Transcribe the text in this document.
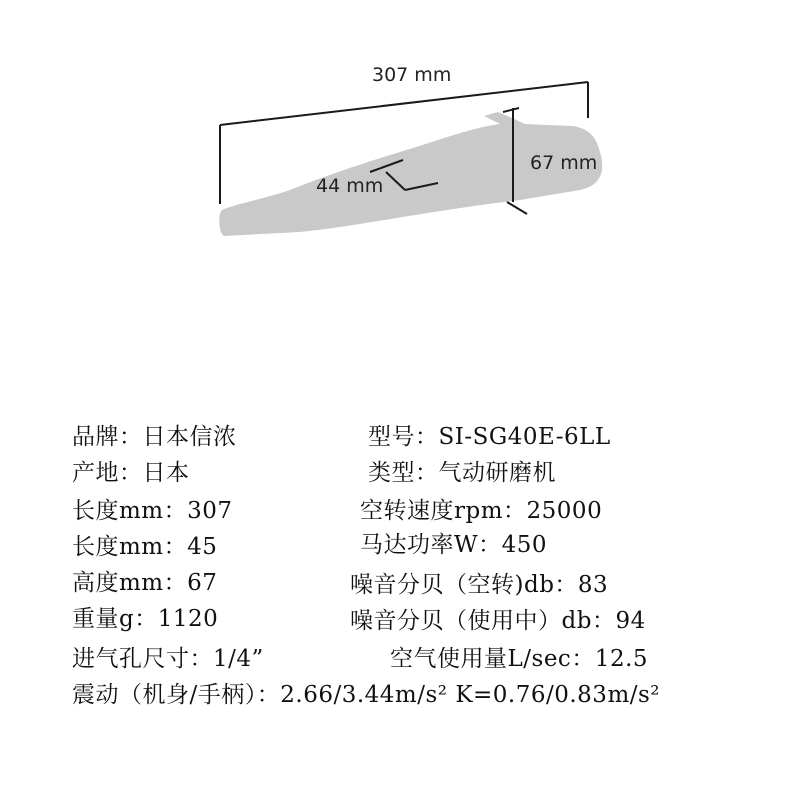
307 mm
44 mm
67 mm
品牌：日本信浓	型号：SI-SG40E-6LL
产地：日本	类型：气动研磨机
长度mm：307	空转速度rpm：25000
长度mm：45	马达功率W：450
高度mm：67	噪音分贝（空转)db：83
重量g：1120	噪音分贝（使用中）db：94
进气孔尺寸：1/4”	空气使用量L/sec：12.5
震动（机身/手柄）：2.66/3.44m/s² K=0.76/0.83m/s²
